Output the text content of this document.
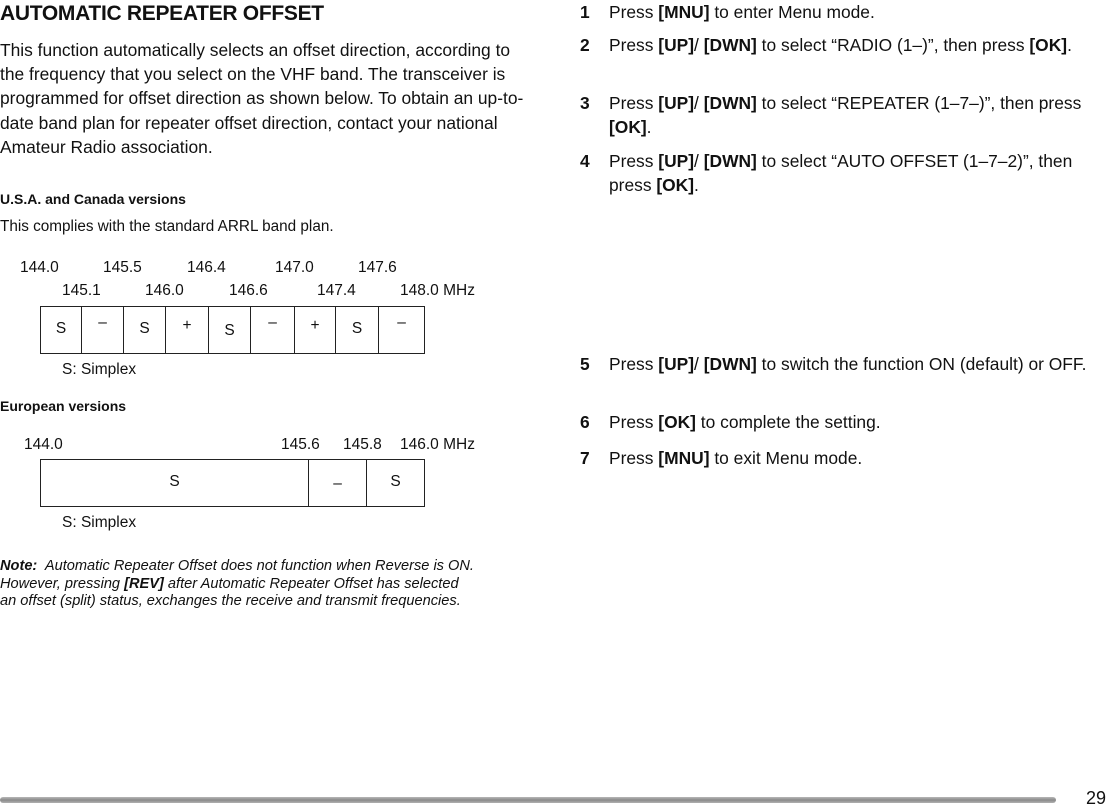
AUTOMATIC REPEATER OFFSET
This function automatically selects an offset direction, according to the frequency that you select on the VHF band. The transceiver is programmed for offset direction as shown below. To obtain an up-to-date band plan for repeater offset direction, contact your national Amateur Radio association.
U.S.A. and Canada versions
This complies with the standard ARRL band plan.
144.0	145.5	146.4	147.0	147.6
145.1	146.0	146.6	147.4	148.0 MHz
S	–	S	+	S	–	+	S	–
S: Simplex
European versions
144.0	145.6 145.8 146.0 MHz
S	–	S
S: Simplex
Note: Automatic Repeater Offset does not function when Reverse is ON.
However, pressing [REV] after Automatic Repeater Offset has selected
an offset (split) status, exchanges the receive and transmit frequencies.
1 Press [MNU] to enter Menu mode.
2 Press [UP]/ [DWN] to select “RADIO (1–)”, then press [OK].
3 Press [UP]/ [DWN] to select “REPEATER (1–7–)”, then press [OK].
4 Press [UP]/ [DWN] to select “AUTO OFFSET (1–7–2)”, then press [OK].
5 Press [UP]/ [DWN] to switch the function ON (default) or OFF.
6 Press [OK] to complete the setting.
7 Press [MNU] to exit Menu mode.
29
